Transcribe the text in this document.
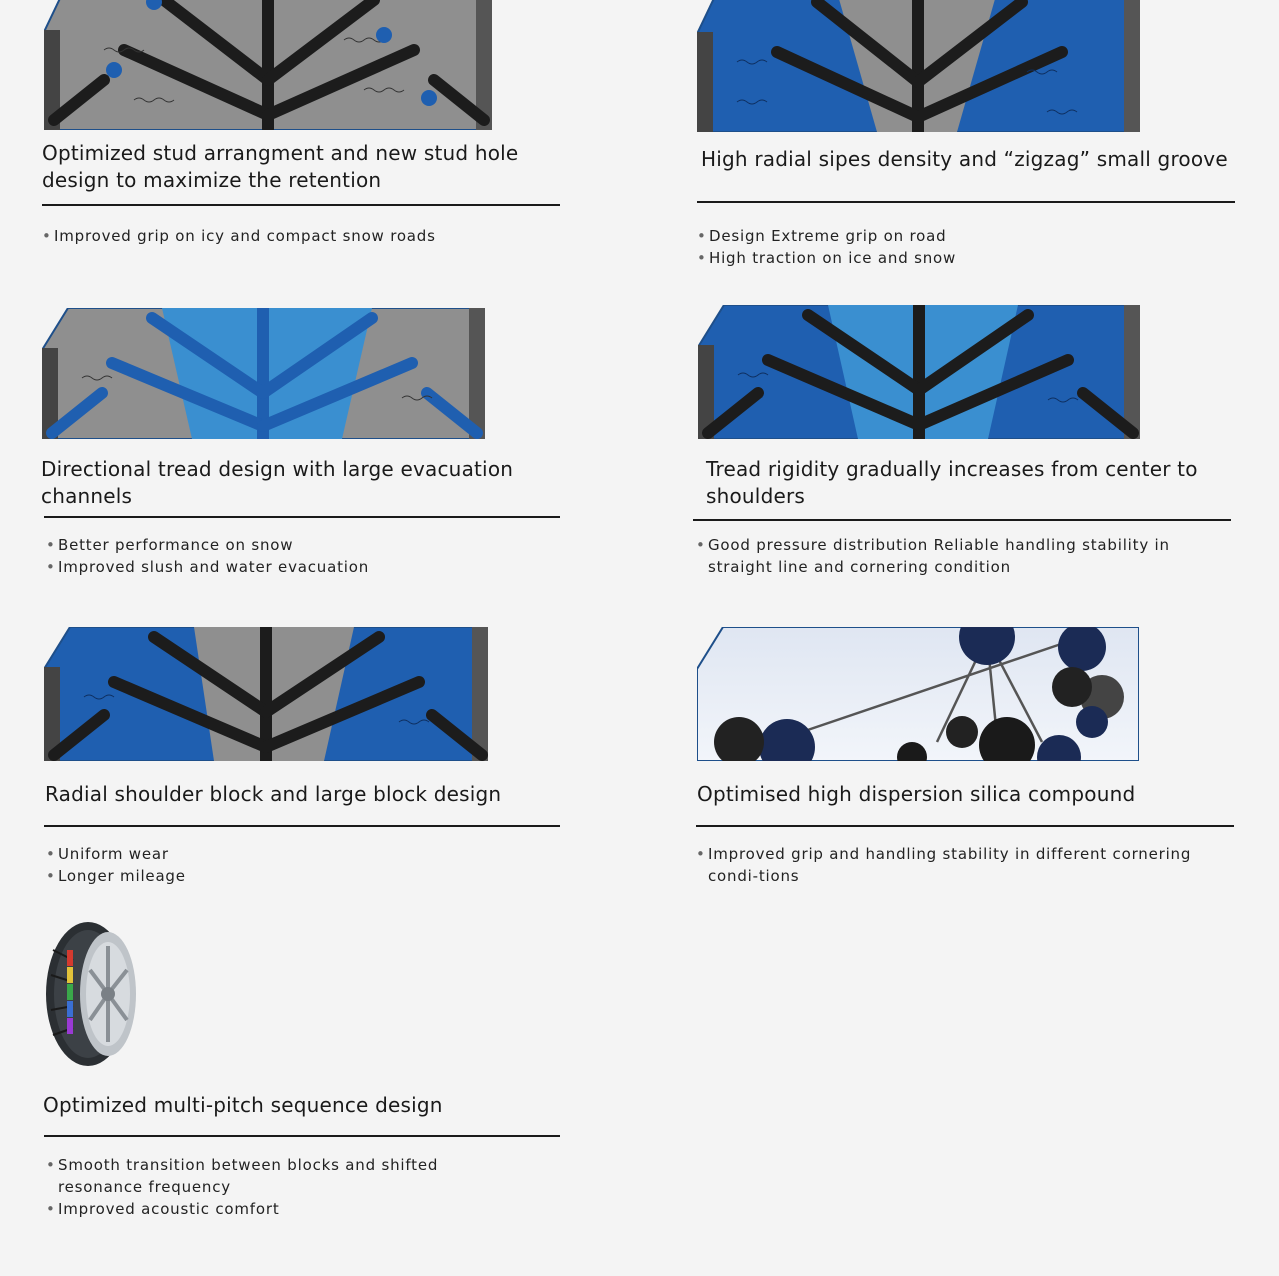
Optimized stud arrangment and new stud hole design to maximize the retention
• Improved grip on icy and compact snow roads
High radial sipes density and “zigzag” small groove
• Design Extreme grip on road
• High traction on ice and snow
Directional tread design with large evacuation channels
• Better performance on snow
• Improved slush and water evacuation
Tread rigidity gradually increases from center to shoulders
• Good pressure distribution Reliable handling stability in straight line and cornering condition
Radial shoulder block and large block design
• Uniform wear
• Longer mileage
Optimised high dispersion silica compound
• Improved grip and handling stability in different cornering condi-tions
Optimized multi-pitch sequence design
• Smooth transition between blocks and shifted resonance frequency
• Improved acoustic comfort
